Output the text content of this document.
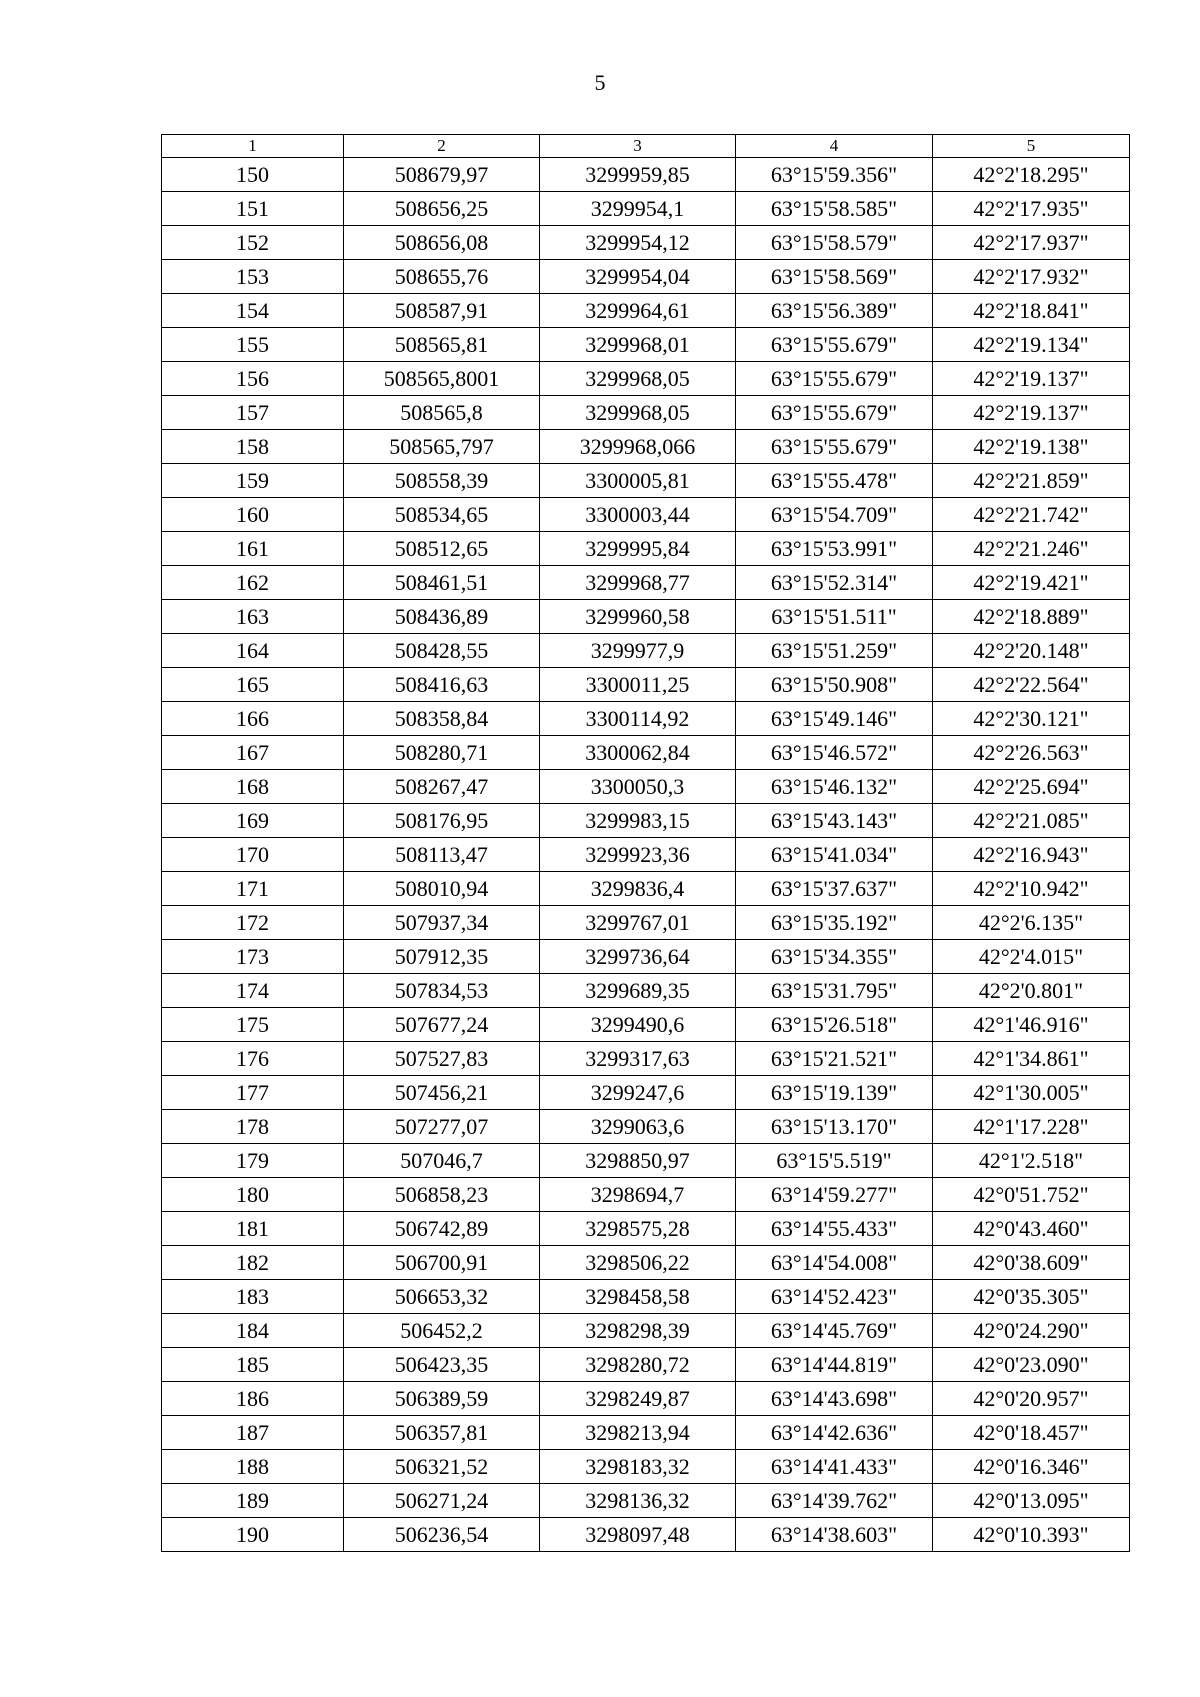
5
1	2	3	4	5
150	508679,97	3299959,85	63°15'59.356"	42°2'18.295"
151	508656,25	3299954,1	63°15'58.585"	42°2'17.935"
152	508656,08	3299954,12	63°15'58.579"	42°2'17.937"
153	508655,76	3299954,04	63°15'58.569"	42°2'17.932"
154	508587,91	3299964,61	63°15'56.389"	42°2'18.841"
155	508565,81	3299968,01	63°15'55.679"	42°2'19.134"
156	508565,8001	3299968,05	63°15'55.679"	42°2'19.137"
157	508565,8	3299968,05	63°15'55.679"	42°2'19.137"
158	508565,797	3299968,066	63°15'55.679"	42°2'19.138"
159	508558,39	3300005,81	63°15'55.478"	42°2'21.859"
160	508534,65	3300003,44	63°15'54.709"	42°2'21.742"
161	508512,65	3299995,84	63°15'53.991"	42°2'21.246"
162	508461,51	3299968,77	63°15'52.314"	42°2'19.421"
163	508436,89	3299960,58	63°15'51.511"	42°2'18.889"
164	508428,55	3299977,9	63°15'51.259"	42°2'20.148"
165	508416,63	3300011,25	63°15'50.908"	42°2'22.564"
166	508358,84	3300114,92	63°15'49.146"	42°2'30.121"
167	508280,71	3300062,84	63°15'46.572"	42°2'26.563"
168	508267,47	3300050,3	63°15'46.132"	42°2'25.694"
169	508176,95	3299983,15	63°15'43.143"	42°2'21.085"
170	508113,47	3299923,36	63°15'41.034"	42°2'16.943"
171	508010,94	3299836,4	63°15'37.637"	42°2'10.942"
172	507937,34	3299767,01	63°15'35.192"	42°2'6.135"
173	507912,35	3299736,64	63°15'34.355"	42°2'4.015"
174	507834,53	3299689,35	63°15'31.795"	42°2'0.801"
175	507677,24	3299490,6	63°15'26.518"	42°1'46.916"
176	507527,83	3299317,63	63°15'21.521"	42°1'34.861"
177	507456,21	3299247,6	63°15'19.139"	42°1'30.005"
178	507277,07	3299063,6	63°15'13.170"	42°1'17.228"
179	507046,7	3298850,97	63°15'5.519"	42°1'2.518"
180	506858,23	3298694,7	63°14'59.277"	42°0'51.752"
181	506742,89	3298575,28	63°14'55.433"	42°0'43.460"
182	506700,91	3298506,22	63°14'54.008"	42°0'38.609"
183	506653,32	3298458,58	63°14'52.423"	42°0'35.305"
184	506452,2	3298298,39	63°14'45.769"	42°0'24.290"
185	506423,35	3298280,72	63°14'44.819"	42°0'23.090"
186	506389,59	3298249,87	63°14'43.698"	42°0'20.957"
187	506357,81	3298213,94	63°14'42.636"	42°0'18.457"
188	506321,52	3298183,32	63°14'41.433"	42°0'16.346"
189	506271,24	3298136,32	63°14'39.762"	42°0'13.095"
190	506236,54	3298097,48	63°14'38.603"	42°0'10.393"
